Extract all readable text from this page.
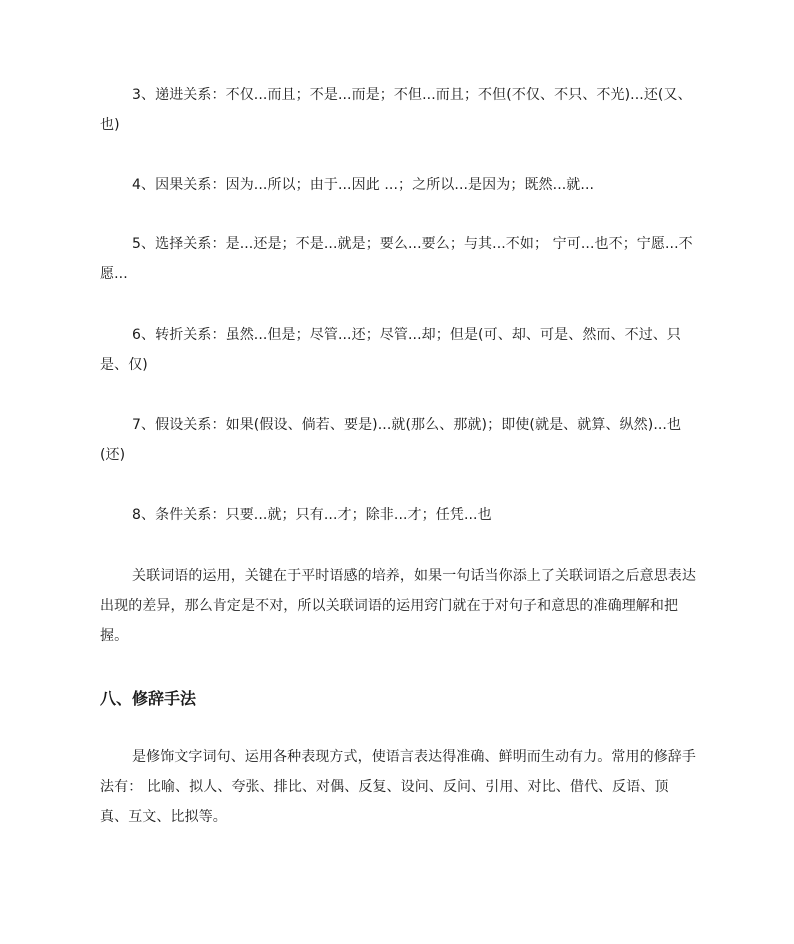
3、递进关系：不仅...而且；不是...而是；不但...而且；不但(不仅、不只、不光)...还(又、也)

4、因果关系：因为...所以；由于...因此 ...；之所以...是因为；既然...就...

5、选择关系：是...还是；不是...就是；要么...要么；与其...不如； 宁可...也不；宁愿...不愿...

6、转折关系：虽然...但是；尽管...还；尽管...却；但是(可、却、可是、然而、不过、只是、仅)

7、假设关系：如果(假设、倘若、要是)...就(那么、那就)；即使(就是、就算、纵然)...也(还)

8、条件关系：只要...就；只有...才；除非...才；任凭...也

关联词语的运用，关键在于平时语感的培养，如果一句话当你添上了关联词语之后意思表达出现的差异，那么肯定是不对，所以关联词语的运用窍门就在于对句子和意思的准确理解和把握。

八、修辞手法

是修饰文字词句、运用各种表现方式，使语言表达得准确、鲜明而生动有力。常用的修辞手法有： 比喻、拟人、夸张、排比、对偶、反复、设问、反问、引用、对比、借代、反语、顶真、互文、比拟等。
